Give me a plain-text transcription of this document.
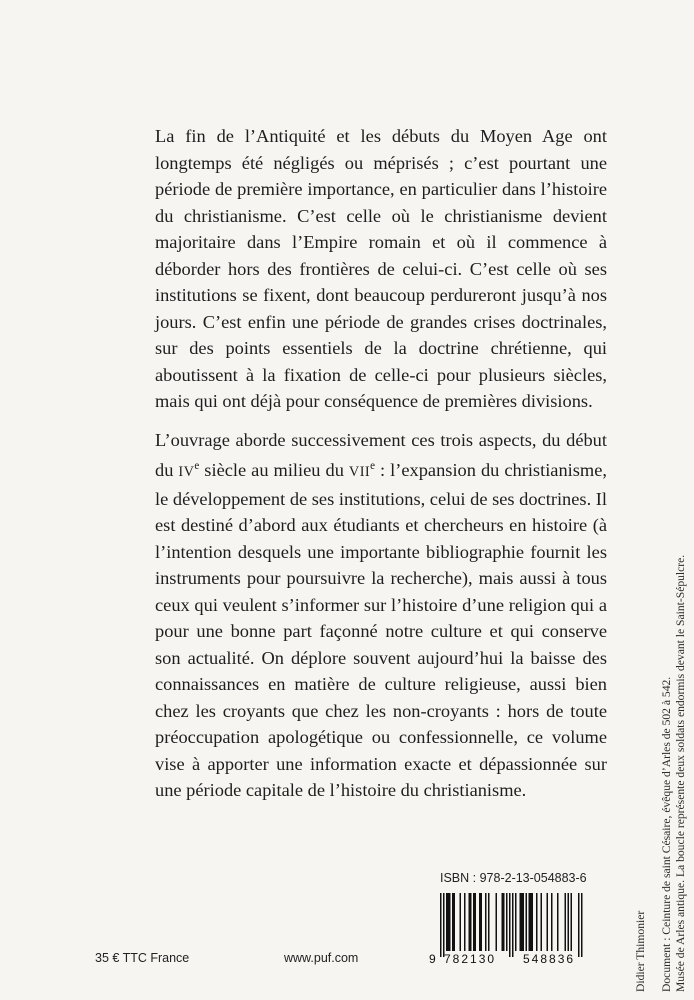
La fin de l’Antiquité et les débuts du Moyen Age ont longtemps été négligés ou méprisés ; c’est pourtant une période de première importance, en particulier dans l’histoire du christianisme. C’est celle où le christianisme devient majoritaire dans l’Empire romain et où il commence à déborder hors des frontières de celui-ci. C’est celle où ses institutions se fixent, dont beaucoup perdureront jusqu’à nos jours. C’est enfin une période de grandes crises doctrinales, sur des points essentiels de la doctrine chrétienne, qui aboutissent à la fixation de celle-ci pour plusieurs siècles, mais qui ont déjà pour conséquence de premières divisions.

L’ouvrage aborde successivement ces trois aspects, du début du IVe siècle au milieu du VIIe : l’expansion du christianisme, le développement de ses institutions, celui de ses doctrines. Il est destiné d’abord aux étudiants et chercheurs en histoire (à l’intention desquels une importante bibliographie fournit les instruments pour poursuivre la recherche), mais aussi à tous ceux qui veulent s’informer sur l’histoire d’une religion qui a pour une bonne part façonné notre culture et qui conserve son actualité. On déplore souvent aujourd’hui la baisse des connaissances en matière de culture religieuse, aussi bien chez les croyants que chez les non-croyants : hors de toute préoccupation apologétique ou confessionnelle, ce volume vise à apporter une information exacte et dépassionnée sur une période capitale de l’histoire du christianisme.	Document : Ceinture de saint Césaire, évêque d’Arles de 502 à 542. Musée de Arles antique. La boucle représente deux soldats endormis devant le Saint-Sépulcre.
Didier Thimonier
ISBN : 978-2-13-054883-6
9 782130 548836
35 € TTC France	www.puf.com
